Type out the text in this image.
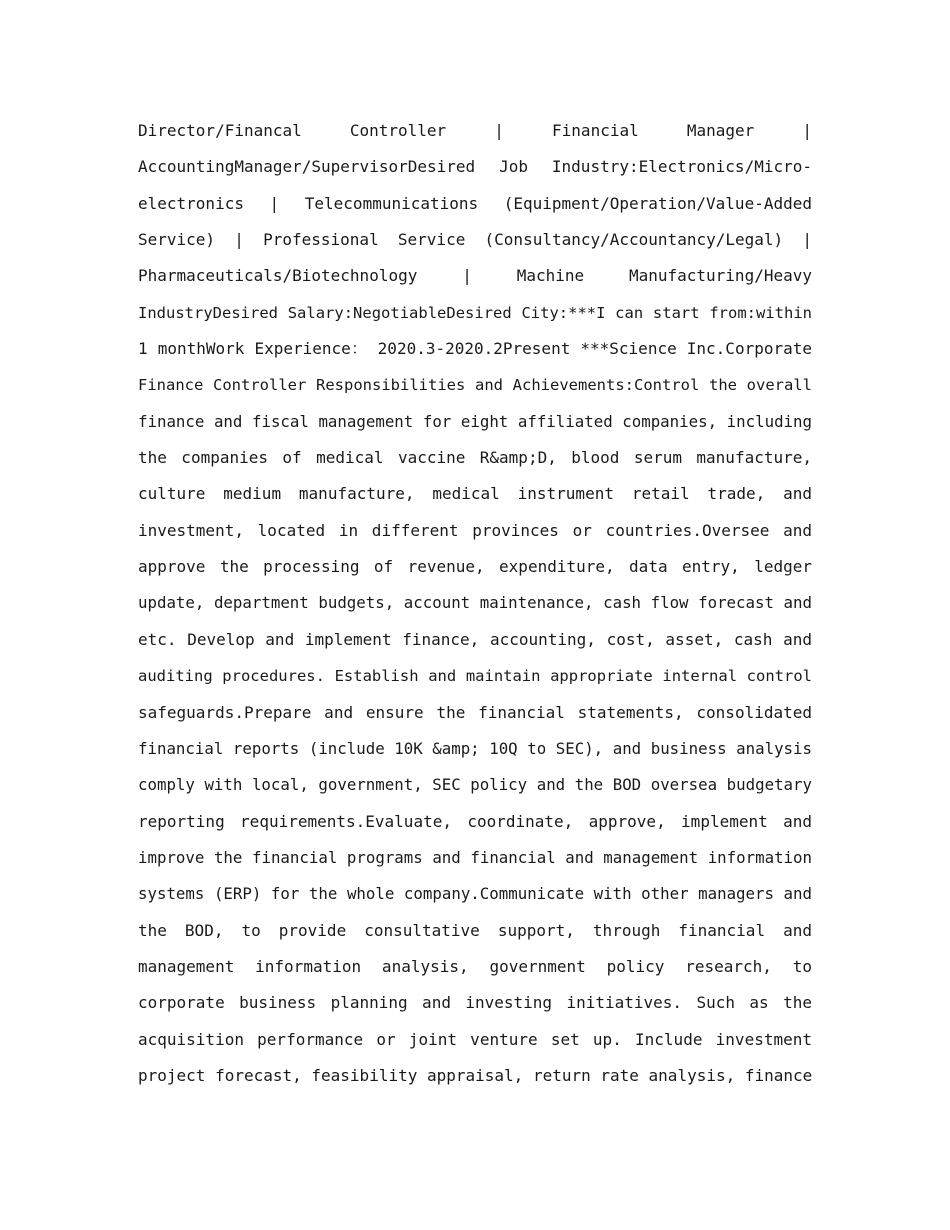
Director/Financal Controller | Financial Manager |
AccountingManager/SupervisorDesired Job Industry:Electronics/Micro-
electronics | Telecommunications (Equipment/Operation/Value-Added
Service) | Professional Service (Consultancy/Accountancy/Legal) |
Pharmaceuticals/Biotechnology | Machine Manufacturing/Heavy
IndustryDesired Salary:NegotiableDesired City:***I can start from:within
1 monthWork Experience： 2020.3-2020.2Present ***Science Inc.Corporate
Finance Controller Responsibilities and Achievements:Control the overall
finance and fiscal management for eight affiliated companies, including
the companies of medical vaccine R&amp;D, blood serum manufacture,
culture medium manufacture, medical instrument retail trade, and
investment, located in different provinces or countries.Oversee and
approve the processing of revenue, expenditure, data entry, ledger
update, department budgets, account maintenance, cash flow forecast and
etc. Develop and implement finance, accounting, cost, asset, cash and
auditing procedures. Establish and maintain appropriate internal control
safeguards.Prepare and ensure the financial statements, consolidated
financial reports (include 10K &amp; 10Q to SEC), and business analysis
comply with local, government, SEC policy and the BOD oversea budgetary
reporting requirements.Evaluate, coordinate, approve, implement and
improve the financial programs and financial and management information
systems (ERP) for the whole company.Communicate with other managers and
the BOD, to provide consultative support, through financial and
management information analysis, government policy research, to
corporate business planning and investing initiatives. Such as the
acquisition performance or joint venture set up. Include investment
project forecast, feasibility appraisal, return rate analysis, finance
